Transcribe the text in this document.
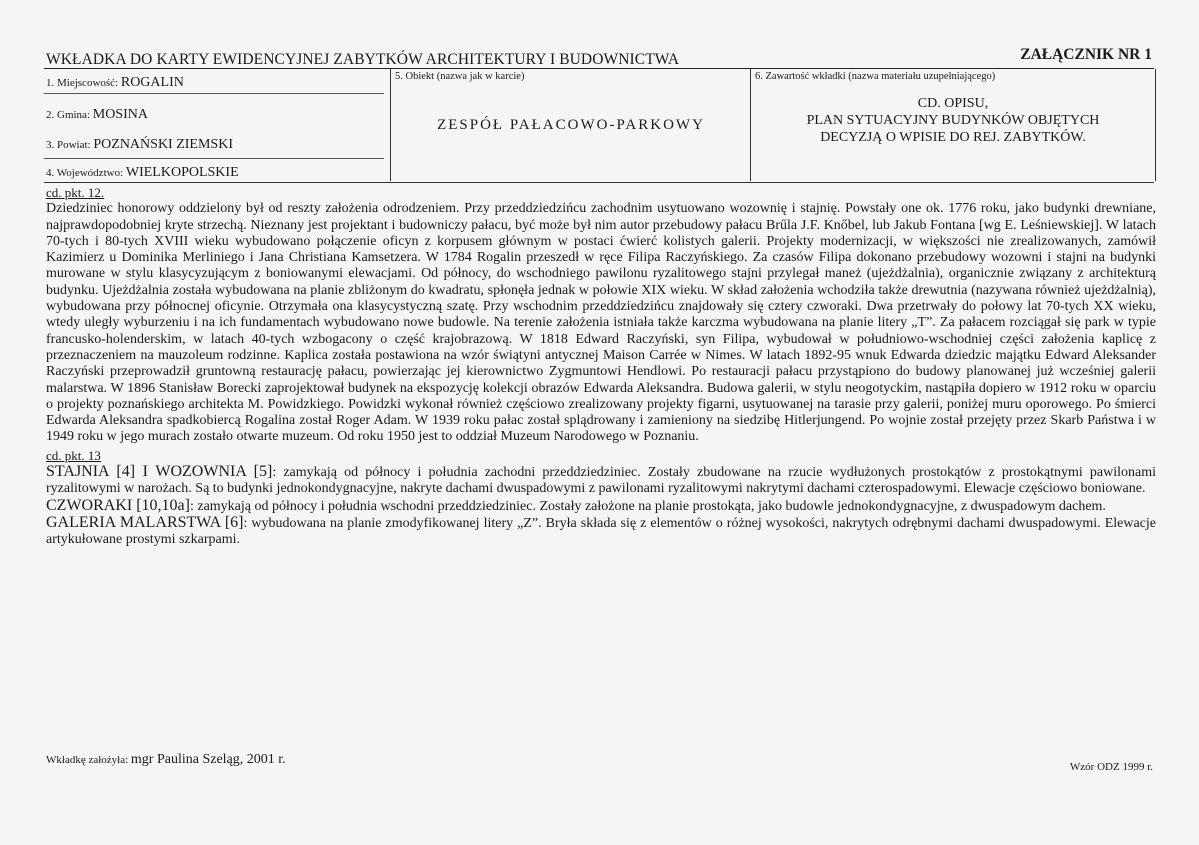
WKŁADKA DO KARTY EWIDENCYJNEJ ZABYTKÓW ARCHITEKTURY I BUDOWNICTWA	ZAŁĄCZNIK NR 1
1. Miejscowość: ROGALIN
2. Gmina: MOSINA
3. Powiat: POZNAŃSKI ZIEMSKI
4. Województwo: WIELKOPOLSKIE
5. Obiekt (nazwa jak w karcie)
ZESPÓŁ PAŁACOWO-PARKOWY
6. Zawartość wkładki (nazwa materiału uzupełniającego)
CD. OPISU,
PLAN SYTUACYJNY BUDYNKÓW OBJĘTYCH
DECYZJĄ O WPISIE DO REJ. ZABYTKÓW.
cd. pkt. 12.

Dziedziniec honorowy oddzielony był od reszty założenia odrodzeniem. Przy przeddziedzińcu zachodnim usytuowano wozownię i stajnię. Powstały one ok. 1776 roku, jako budynki drewniane, najprawdopodobniej kryte strzechą. Nieznany jest projektant i budowniczy pałacu, być może był nim autor przebudowy pałacu Brűla J.F. Knőbel, lub Jakub Fontana [wg E. Leśniewskiej]. W latach 70-tych i 80-tych XVIII wieku wybudowano połączenie oficyn z korpusem głównym w postaci ćwierć kolistych galerii. Projekty modernizacji, w większości nie zrealizowanych, zamówił Kazimierz u Dominika Merliniego i Jana Christiana Kamsetzera. W 1784 Rogalin przeszedł w ręce Filipa Raczyńskiego. Za czasów Filipa dokonano przebudowy wozowni i stajni na budynki murowane w stylu klasycyzującym z boniowanymi elewacjami. Od północy, do wschodniego pawilonu ryzalitowego stajni przylegał maneż (ujeżdżalnia), organicznie związany z architekturą budynku. Ujeżdżalnia została wybudowana na planie zbliżonym do kwadratu, spłonęła jednak w połowie XIX wieku. W skład założenia wchodziła także drewutnia (nazywana również ujeżdżalnią), wybudowana przy północnej oficynie. Otrzymała ona klasycystyczną szatę. Przy wschodnim przeddziedzińcu znajdowały się cztery czworaki. Dwa przetrwały do połowy lat 70-tych XX wieku, wtedy uległy wyburzeniu i na ich fundamentach wybudowano nowe budowle. Na terenie założenia istniała także karczma wybudowana na planie litery „T”. Za pałacem rozciągał się park w typie francusko-holenderskim, w latach 40-tych wzbogacony o część krajobrazową. W 1818 Edward Raczyński, syn Filipa, wybudował w południowo-wschodniej części założenia kaplicę z przeznaczeniem na mauzoleum rodzinne. Kaplica została postawiona na wzór świątyni antycznej Maison Carrée w Nimes. W latach 1892-95 wnuk Edwarda dziedzic majątku Edward Aleksander Raczyński przeprowadził gruntowną restaurację pałacu, powierzając jej kierownictwo Zygmuntowi Hendlowi. Po restauracji pałacu przystąpiono do budowy planowanej już wcześniej galerii malarstwa. W 1896 Stanisław Borecki zaprojektował budynek na ekspozycję kolekcji obrazów Edwarda Aleksandra. Budowa galerii, w stylu neogotyckim, nastąpiła dopiero w 1912 roku w oparciu o projekty poznańskiego architekta M. Powidzkiego. Powidzki wykonał również częściowo zrealizowany projekty figarni, usytuowanej na tarasie przy galerii, poniżej muru oporowego. Po śmierci Edwarda Aleksandra spadkobiercą Rogalina został Roger Adam. W 1939 roku pałac został splądrowany i zamieniony na siedzibę Hitlerjungend. Po wojnie został przejęty przez Skarb Państwa i w 1949 roku w jego murach zostało otwarte muzeum. Od roku 1950 jest to oddział Muzeum Narodowego w Poznaniu.

cd. pkt. 13

STAJNIA [4] I WOZOWNIA [5]: zamykają od północy i południa zachodni przeddziedziniec. Zostały zbudowane na rzucie wydłużonych prostokątów z prostokątnymi pawilonami ryzalitowymi w narożach. Są to budynki jednokondygnacyjne, nakryte dachami dwuspadowymi z pawilonami ryzalitowymi nakrytymi dachami czterospadowymi. Elewacje częściowo boniowane.

CZWORAKI [10,10a]: zamykają od północy i południa wschodni przeddziedziniec. Zostały założone na planie prostokąta, jako budowle jednokondygnacyjne, z dwuspadowym dachem.

GALERIA MALARSTWA [6]: wybudowana na planie zmodyfikowanej litery „Z”. Bryła składa się z elementów o różnej wysokości, nakrytych odrębnymi dachami dwuspadowymi. Elewacje artykułowane prostymi szkarpami.

Wkładkę założyła: mgr Paulina Szeląg, 2001 r.	Wzór ODZ 1999 r.
